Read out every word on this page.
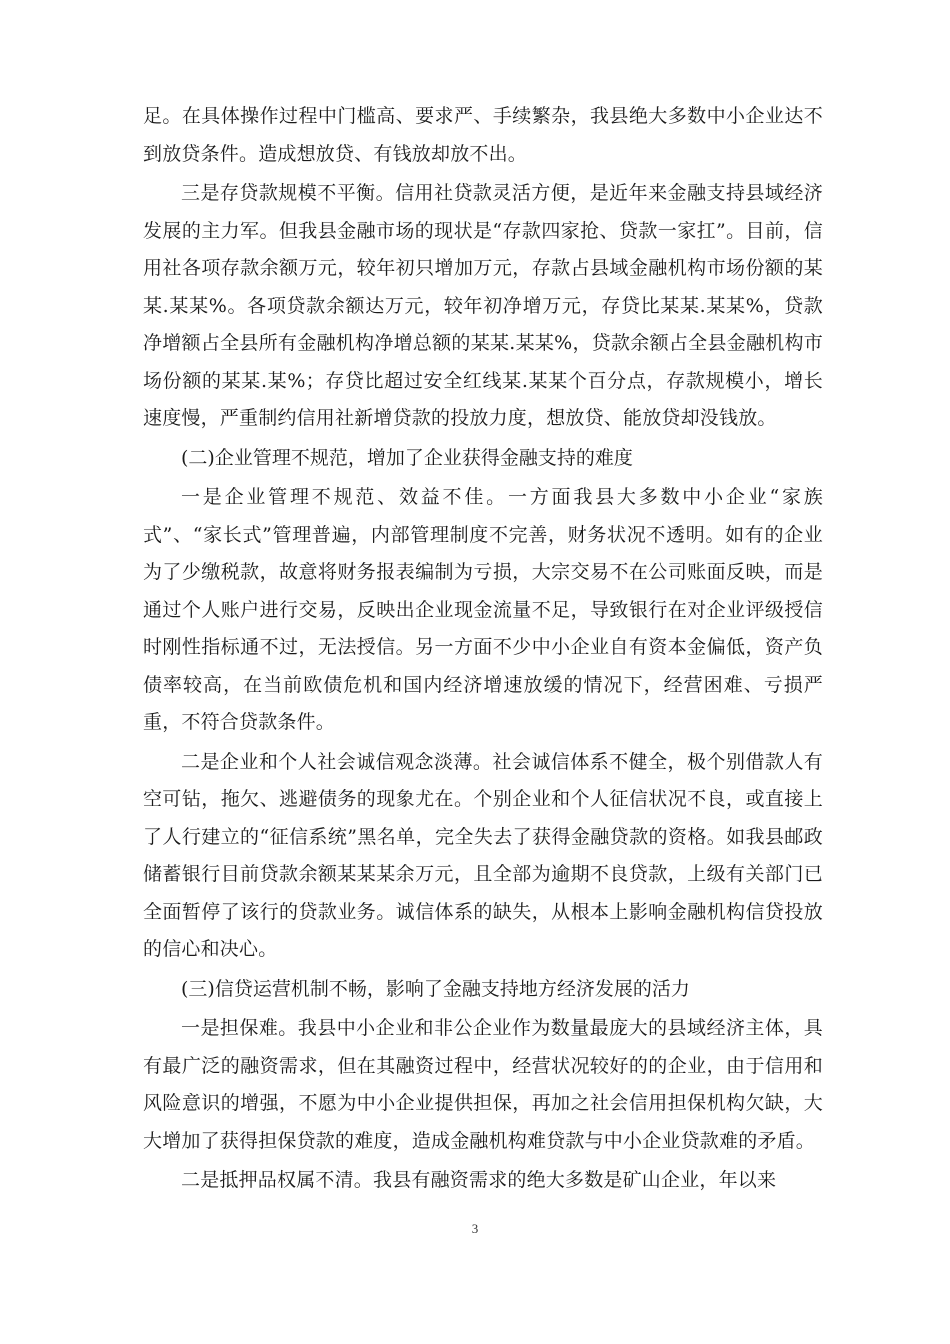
足。在具体操作过程中门槛高、要求严、手续繁杂，我县绝大多数中小企业达不到放贷条件。造成想放贷、有钱放却放不出。

三是存贷款规模不平衡。信用社贷款灵活方便，是近年来金融支持县域经济发展的主力军。但我县金融市场的现状是“存款四家抢、贷款一家扛”。目前，信用社各项存款余额万元，较年初只增加万元，存款占县域金融机构市场份额的某某.某某%。各项贷款余额达万元，较年初净增万元，存贷比某某.某某%，贷款净增额占全县所有金融机构净增总额的某某.某某%，贷款余额占全县金融机构市场份额的某某.某%；存贷比超过安全红线某.某某个百分点，存款规模小，增长速度慢，严重制约信用社新增贷款的投放力度，想放贷、能放贷却没钱放。

(二)企业管理不规范，增加了企业获得金融支持的难度

一是企业管理不规范、效益不佳。一方面我县大多数中小企业“家族式”、“家长式”管理普遍，内部管理制度不完善，财务状况不透明。如有的企业为了少缴税款，故意将财务报表编制为亏损，大宗交易不在公司账面反映，而是通过个人账户进行交易，反映出企业现金流量不足，导致银行在对企业评级授信时刚性指标通不过，无法授信。另一方面不少中小企业自有资本金偏低，资产负债率较高，在当前欧债危机和国内经济增速放缓的情况下，经营困难、亏损严重，不符合贷款条件。

二是企业和个人社会诚信观念淡薄。社会诚信体系不健全，极个别借款人有空可钻，拖欠、逃避债务的现象尤在。个别企业和个人征信状况不良，或直接上了人行建立的“征信系统”黑名单，完全失去了获得金融贷款的资格。如我县邮政储蓄银行目前贷款余额某某某余万元，且全部为逾期不良贷款，上级有关部门已全面暂停了该行的贷款业务。诚信体系的缺失，从根本上影响金融机构信贷投放的信心和决心。

(三)信贷运营机制不畅，影响了金融支持地方经济发展的活力

一是担保难。我县中小企业和非公企业作为数量最庞大的县域经济主体，具有最广泛的融资需求，但在其融资过程中，经营状况较好的的企业，由于信用和风险意识的增强，不愿为中小企业提供担保，再加之社会信用担保机构欠缺，大大增加了获得担保贷款的难度，造成金融机构难贷款与中小企业贷款难的矛盾。

二是抵押品权属不清。我县有融资需求的绝大多数是矿山企业，年以来

3
